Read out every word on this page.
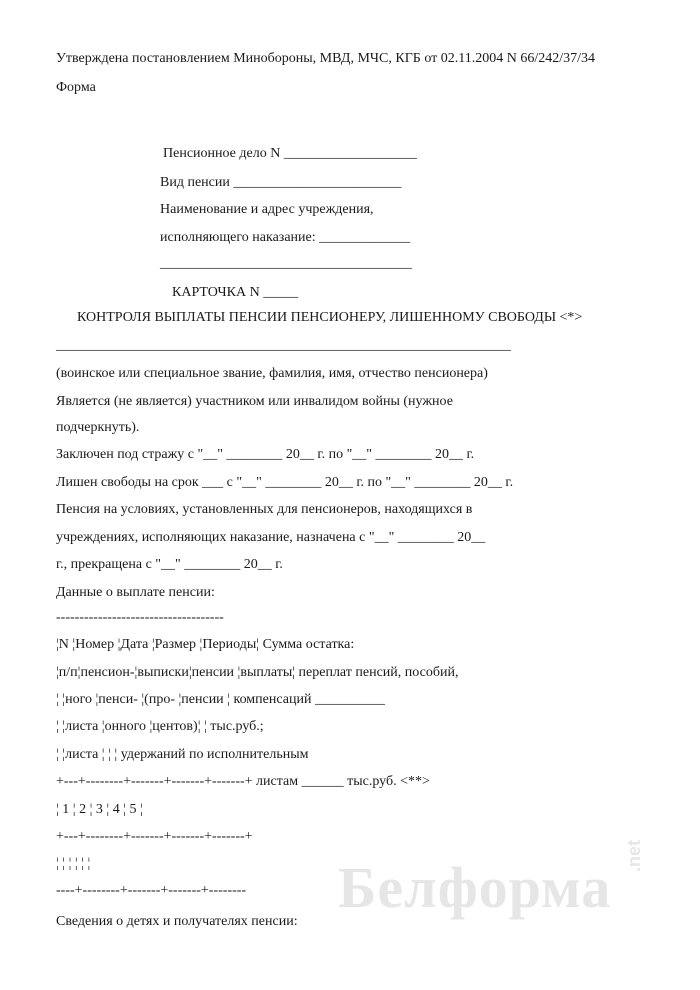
Утверждена постановлением Минобороны, МВД, МЧС, КГБ от 02.11.2004 N 66/242/37/34
Форма
Пенсионное дело N ___________________
Вид пенсии ________________________
Наименование и адрес учреждения,
исполняющего наказание: _____________
____________________________________
КАРТОЧКА N _____
КОНТРОЛЯ ВЫПЛАТЫ ПЕНСИИ ПЕНСИОНЕРУ, ЛИШЕННОМУ СВОБОДЫ <*>
_________________________________________________________________
(воинское или специальное звание, фамилия, имя, отчество пенсионера)
Является (не является) участником или инвалидом войны (нужное
подчеркнуть).
Заключен под стражу с "__" ________ 20__ г. по "__" ________ 20__ г.
Лишен свободы на срок ___ с "__" ________ 20__ г. по "__" ________ 20__ г.
Пенсия на условиях, установленных для пенсионеров, находящихся в
учреждениях, исполняющих наказание, назначена с "__" ________ 20__
г., прекращена с "__" ________ 20__ г.
Данные о выплате пенсии:
------------------------------------
¦N ¦Номер ¦Дата ¦Размер ¦Периоды¦ Сумма остатка:
¦п/п¦пенсион-¦выписки¦пенсии ¦выплаты¦ переплат пенсий, пособий,
¦ ¦ного ¦пенси- ¦(про- ¦пенсии ¦ компенсаций __________
¦ ¦листа ¦онного ¦центов)¦ ¦ тыс.руб.;
¦ ¦листа ¦ ¦ ¦ удержаний по исполнительным
+---+--------+-------+-------+-------+ листам ______ тыс.руб. <**>
¦ 1 ¦ 2 ¦ 3 ¦ 4 ¦ 5 ¦
+---+--------+-------+-------+-------+
¦ ¦ ¦ ¦ ¦ ¦
----+--------+-------+-------+--------
Сведения о детях и получателях пенсии:
Белформа .net
